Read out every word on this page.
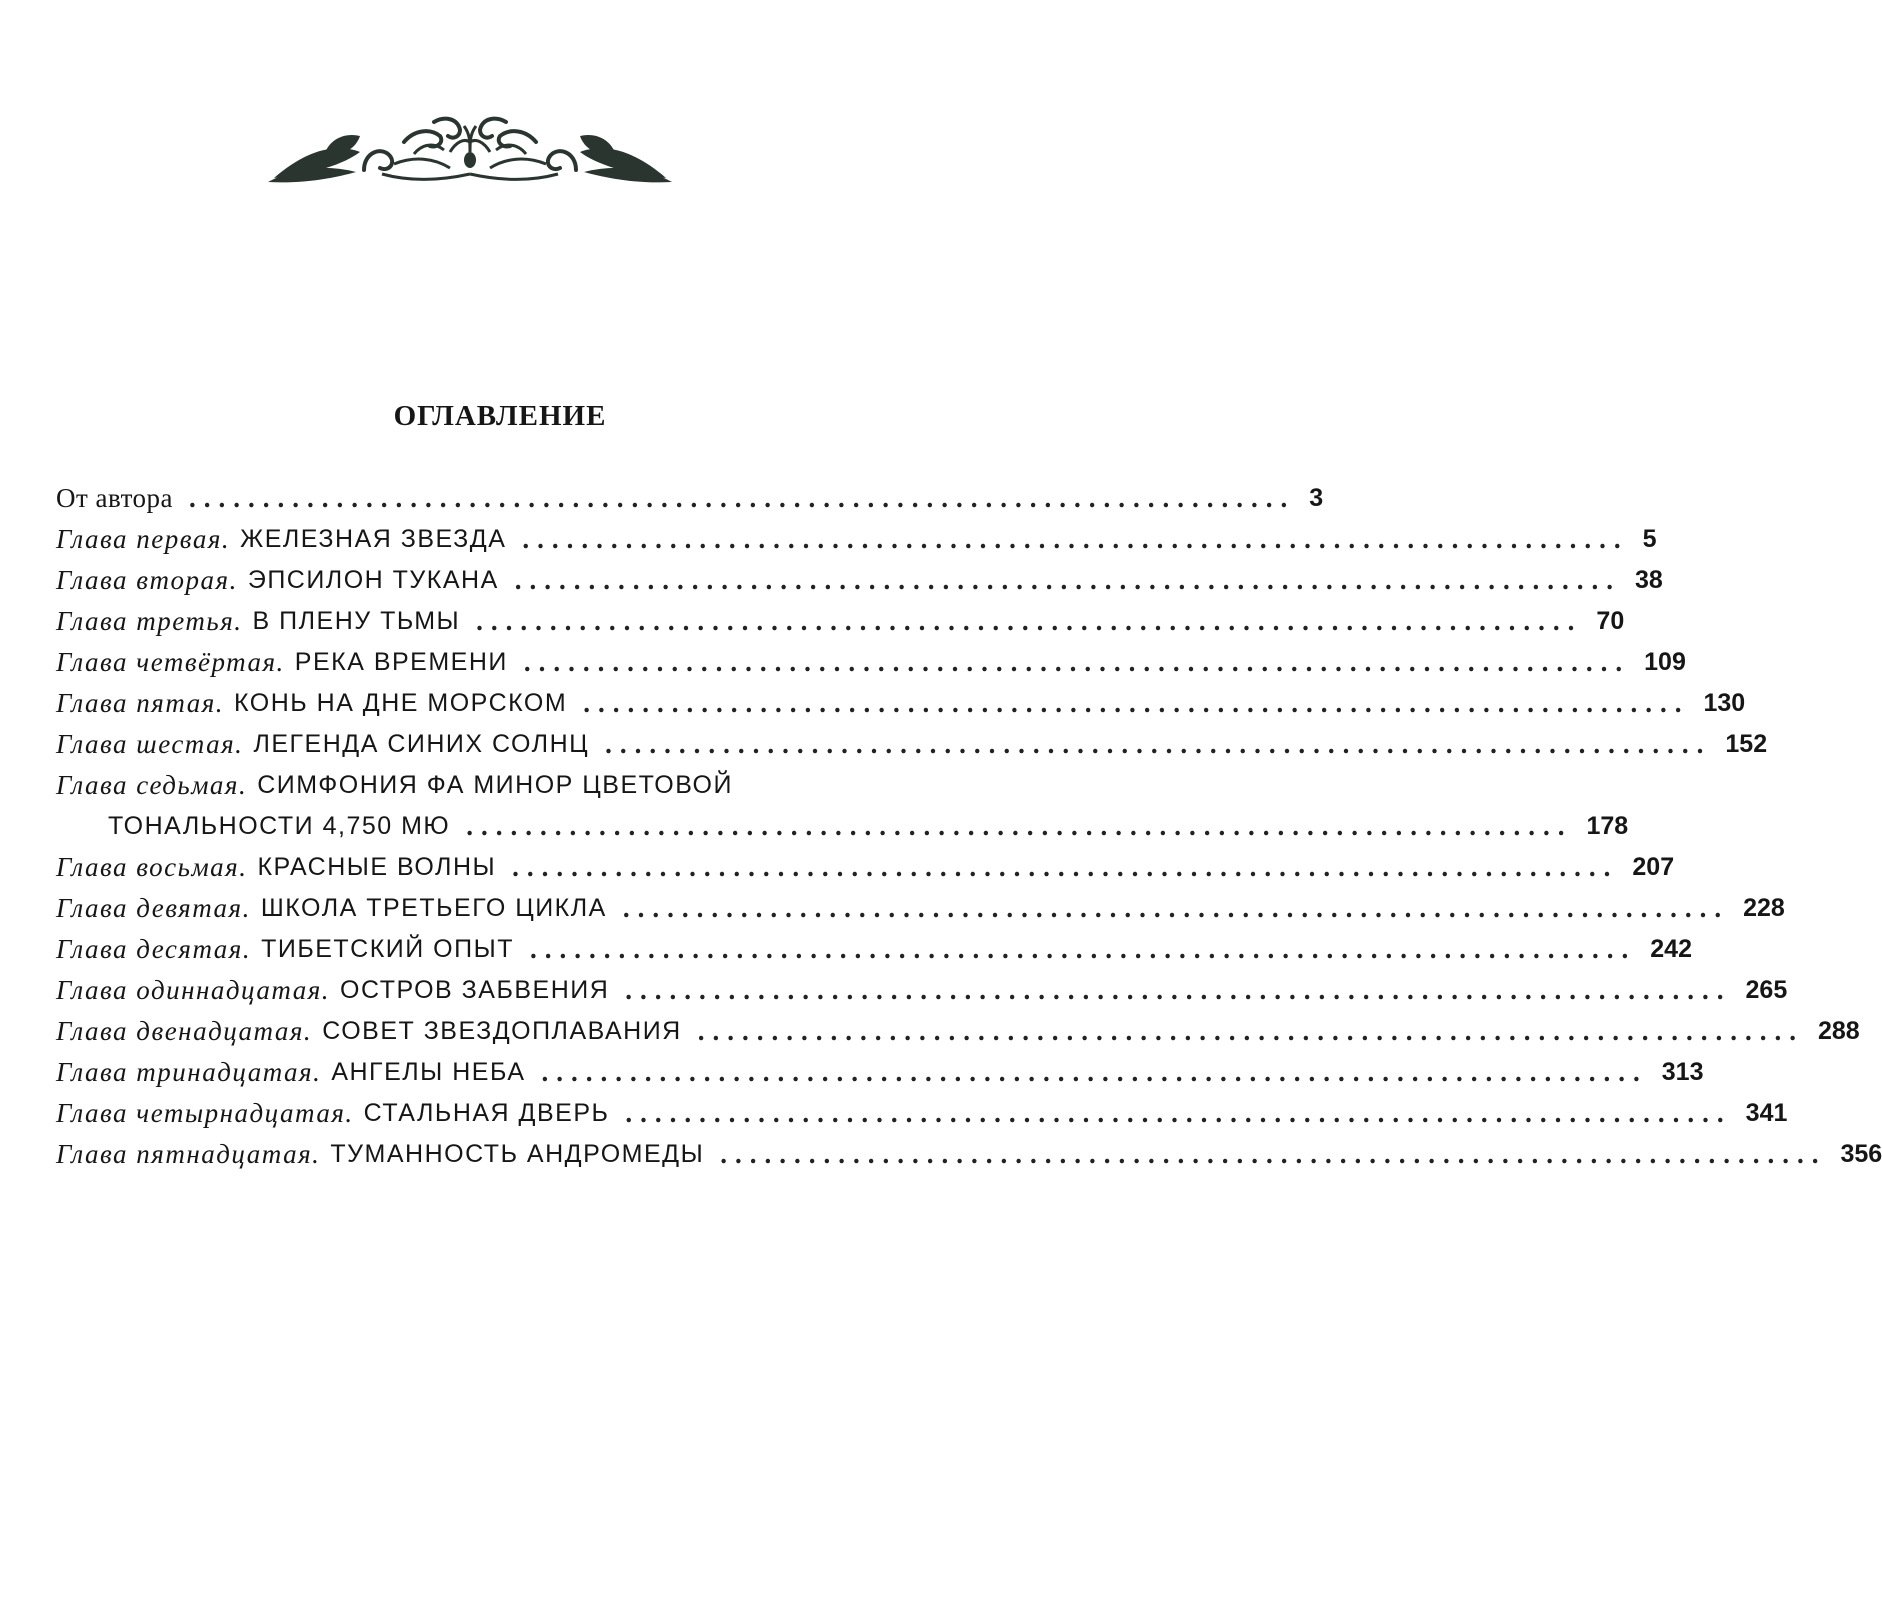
ОГЛАВЛЕНИЕ
От автора ........................................................................... 3
Глава первая. ЖЕЛЕЗНАЯ ЗВЕЗДА ........................................................................... 5
Глава вторая. ЭПСИЛОН ТУКАНА ........................................................................... 38
Глава третья. В ПЛЕНУ ТЬМЫ ........................................................................... 70
Глава четвёртая. РЕКА ВРЕМЕНИ ........................................................................... 109
Глава пятая. КОНЬ НА ДНЕ МОРСКОМ ........................................................................... 130
Глава шестая. ЛЕГЕНДА СИНИХ СОЛНЦ ........................................................................... 152
Глава седьмая. СИМФОНИЯ ФА МИНОР ЦВЕТОВОЙ
ТОНАЛЬНОСТИ 4,750 МЮ ........................................................................... 178
Глава восьмая. КРАСНЫЕ ВОЛНЫ ........................................................................... 207
Глава девятая. ШКОЛА ТРЕТЬЕГО ЦИКЛА ........................................................................... 228
Глава десятая. ТИБЕТСКИЙ ОПЫТ ........................................................................... 242
Глава одиннадцатая. ОСТРОВ ЗАБВЕНИЯ ........................................................................... 265
Глава двенадцатая. СОВЕТ ЗВЕЗДОПЛАВАНИЯ ........................................................................... 288
Глава тринадцатая. АНГЕЛЫ НЕБА ........................................................................... 313
Глава четырнадцатая. СТАЛЬНАЯ ДВЕРЬ ........................................................................... 341
Глава пятнадцатая. ТУМАННОСТЬ АНДРОМЕДЫ ........................................................................... 356
